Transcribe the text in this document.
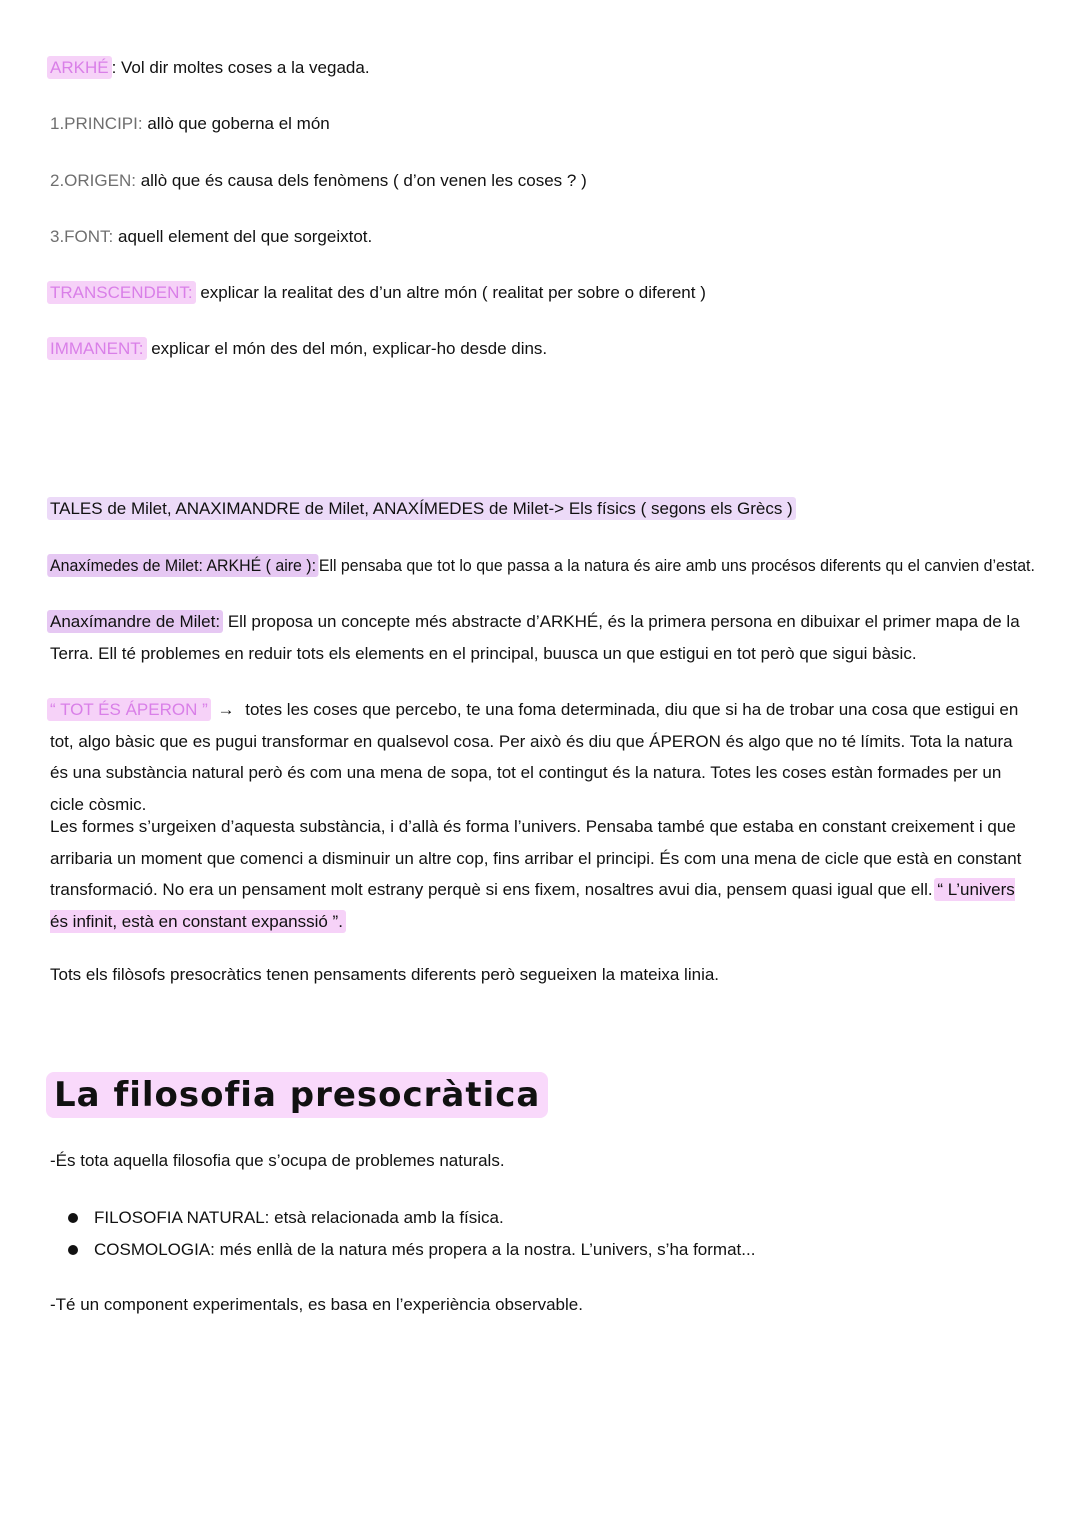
ARKHÉ : Vol dir moltes coses a la vegada.
1.PRINCIPI: allò que goberna el món
2.ORIGEN: allò que és causa dels fenòmens ( d’on venen les coses ? )
3.FONT: aquell element del que sorgeixtot.
TRANSCENDENT: explicar la realitat des d’un altre món ( realitat per sobre o diferent )
IMMANENT: explicar el món des del món, explicar-ho desde dins.
TALES de Milet, ANAXIMANDRE de Milet, ANAXÍMEDES de Milet-> Els físics ( segons els Grècs )
Anaxímedes de Milet: ARKHÉ ( aire ): Ell pensaba que tot lo que passa a la natura és aire amb uns procésos diferents qu el canvien d’estat.
Anaxímandre de Milet: Ell proposa un concepte més abstracte d’ARKHÉ, és la primera persona en dibuixar el primer mapa de la Terra. Ell té problemes en reduir tots els elements en el principal, buusca un que estigui en tot però que sigui bàsic.
“ TOT ÉS ÁPERON ” → totes les coses que percebo, te una foma determinada, diu que si ha de trobar una cosa que estigui en tot, algo bàsic que es pugui transformar en qualsevol cosa. Per això és diu que ÁPERON és algo que no té límits. Tota la natura és una substància natural però és com una mena de sopa, tot el contingut és la natura. Totes les coses estàn formades per un cicle còsmic.
Les formes s’urgeixen d’aquesta substància, i d’allà és forma l’univers. Pensaba també que estaba en constant creixement i que arribaria un moment que comenci a disminuir un altre cop, fins arribar el principi. És com una mena de cicle que està en constant transformació. No era un pensament molt estrany perquè si ens fixem, nosaltres avui dia, pensem quasi igual que ell. “ L’univers és infinit, està en constant expanssió ”.
Tots els filòsofs presocràtics tenen pensaments diferents però segueixen la mateixa linia.
La filosofia presocràtica
-És tota aquella filosofia que s’ocupa de problemes naturals.
FILOSOFIA NATURAL: etsà relacionada amb la física.
COSMOLOGIA: més enllà de la natura més propera a la nostra. L’univers, s’ha format...
-Té un component experimentals, es basa en l’experiència observable.
